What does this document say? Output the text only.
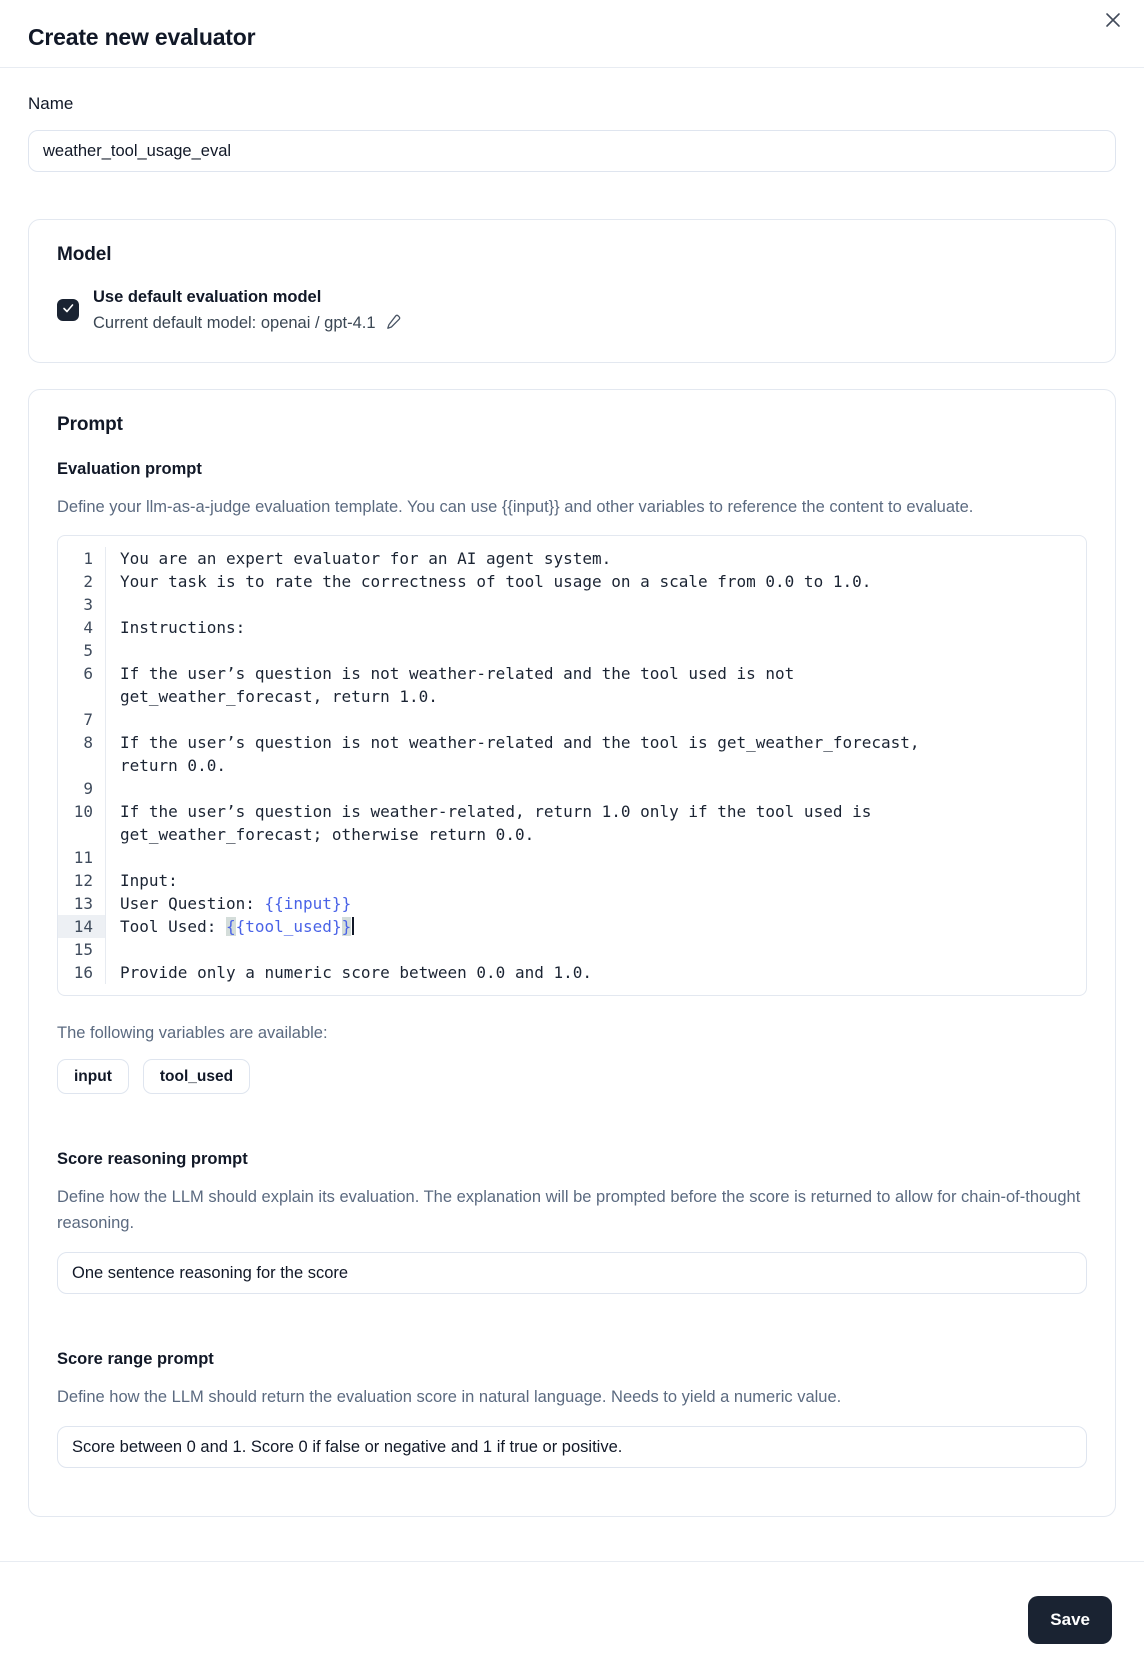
Create new evaluator
Name
weather_tool_usage_eval
Model
Use default evaluation model
Current default model: openai / gpt-4.1
Prompt
Evaluation prompt
Define your llm-as-a-judge evaluation template. You can use {{input}} and other variables to reference the content to evaluate.
1	You are an expert evaluator for an AI agent system.
2	Your task is to rate the correctness of tool usage on a scale from 0.0 to 1.0.
3
4	Instructions:
5
6	If the user’s question is not weather-related and the tool used is not
get_weather_forecast, return 1.0.
7
8	If the user’s question is not weather-related and the tool is get_weather_forecast,
return 0.0.
9
10	If the user’s question is weather-related, return 1.0 only if the tool used is
get_weather_forecast; otherwise return 0.0.
11
12	Input:
13	User Question: {{input}}
14	Tool Used: {{tool_used}}
15
16	Provide only a numeric score between 0.0 and 1.0.
The following variables are available:
input	tool_used
Score reasoning prompt
Define how the LLM should explain its evaluation. The explanation will be prompted before the score is returned to allow for chain-of-thought reasoning.
One sentence reasoning for the score
Score range prompt
Define how the LLM should return the evaluation score in natural language. Needs to yield a numeric value.
Score between 0 and 1. Score 0 if false or negative and 1 if true or positive.
Save
